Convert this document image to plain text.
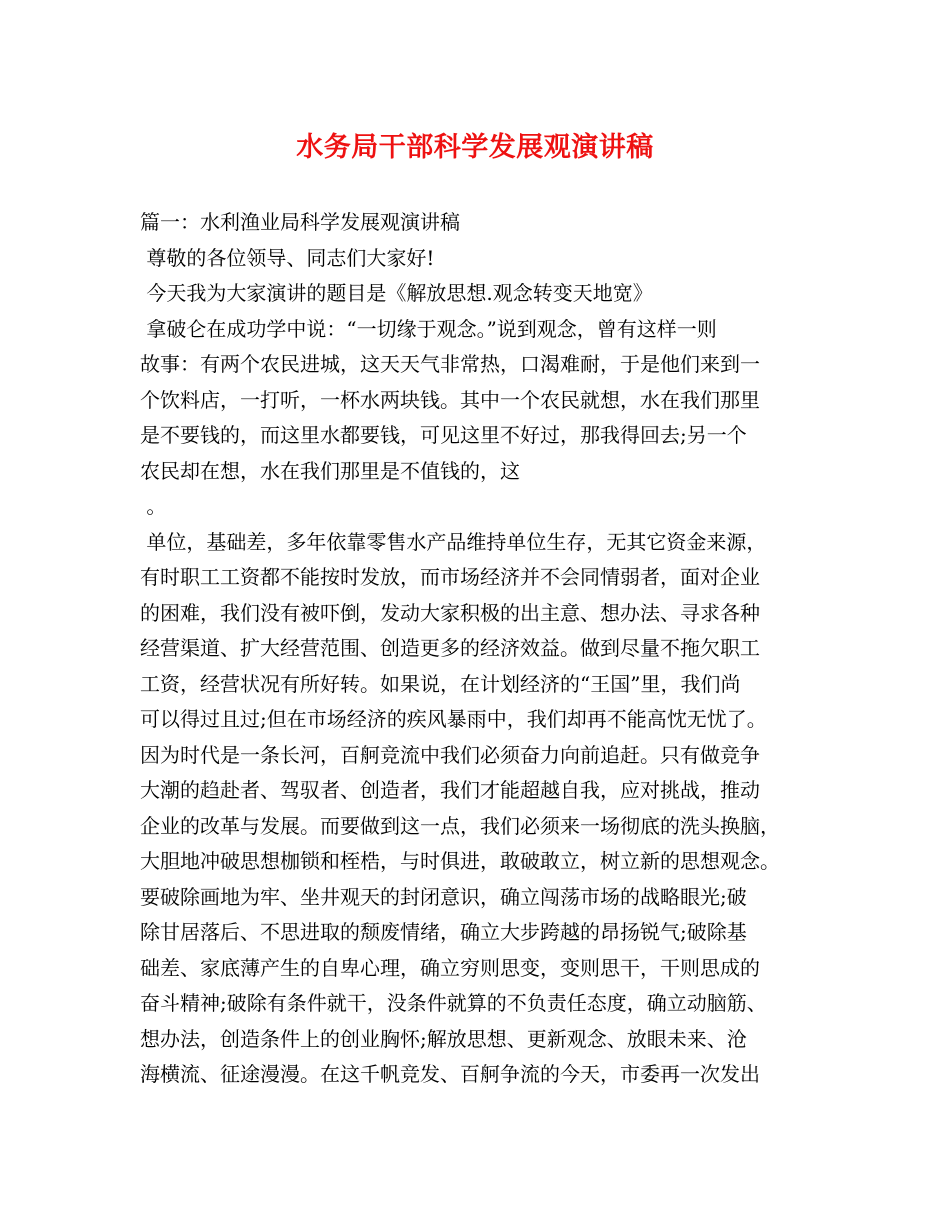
水务局干部科学发展观演讲稿

篇一：水利渔业局科学发展观演讲稿

尊敬的各位领导、同志们大家好!

今天我为大家演讲的题目是《解放思想.观念转变天地宽》

拿破仑在成功学中说：“一切缘于观念。”说到观念，曾有这样一则

故事：有两个农民进城，这天天气非常热，口渴难耐，于是他们来到一

个饮料店，一打听，一杯水两块钱。其中一个农民就想，水在我们那里

是不要钱的，而这里水都要钱，可见这里不好过，那我得回去;另一个

农民却在想，水在我们那里是不值钱的，这

。

单位，基础差，多年依靠零售水产品维持单位生存，无其它资金来源，

有时职工工资都不能按时发放，而市场经济并不会同情弱者，面对企业

的困难，我们没有被吓倒，发动大家积极的出主意、想办法、寻求各种

经营渠道、扩大经营范围、创造更多的经济效益。做到尽量不拖欠职工

工资，经营状况有所好转。如果说，在计划经济的“王国”里，我们尚

可以得过且过;但在市场经济的疾风暴雨中，我们却再不能高忱无忧了。

因为时代是一条长河，百舸竞流中我们必须奋力向前追赶。只有做竞争

大潮的趋赴者、驾驭者、创造者，我们才能超越自我，应对挑战，推动

企业的改革与发展。而要做到这一点，我们必须来一场彻底的洗头换脑，

大胆地冲破思想枷锁和桎梏，与时俱进，敢破敢立，树立新的思想观念。

要破除画地为牢、坐井观天的封闭意识，确立闯荡市场的战略眼光;破

除甘居落后、不思进取的颓废情绪，确立大步跨越的昂扬锐气;破除基

础差、家底薄产生的自卑心理，确立穷则思变，变则思干，干则思成的

奋斗精神;破除有条件就干，没条件就算的不负责任态度，确立动脑筋、

想办法，创造条件上的创业胸怀;解放思想、更新观念、放眼未来、沧

海横流、征途漫漫。在这千帆竞发、百舸争流的今天，市委再一次发出
